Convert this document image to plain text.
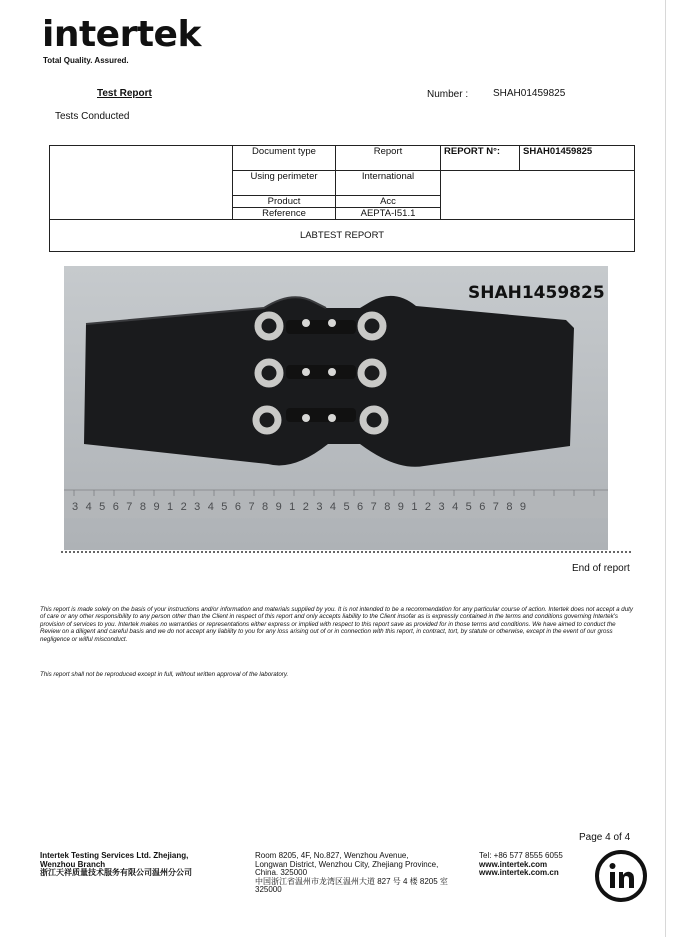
intertek
Total Quality. Assured.
Test Report
Tests Conducted
Number : SHAH01459825
	Document type	Report	REPORT N°:	SHAH01459825
	Using perimeter	International		
	Product	Acc		
	Reference	AEPTA-I51.1		
LABTEST REPORT				
3 4 5 6 7 8 9 1 2 3 4 5 6 7 8 9 1 2 3 4 5 6 7 8 9 1 2 3 4 5 6 7 8 9
SHAH1459825
End of report
This report is made solely on the basis of your instructions and/or information and materials supplied by you. It is not intended to be a recommendation for any particular course of action. Intertek does not accept a duty of care or any other responsibility to any person other than the Client in respect of this report and only accepts liability to the Client insofar as is expressly contained in the terms and conditions governing Intertek's provision of services to you. Intertek makes no warranties or representations either express or implied with respect to this report save as provided for in those terms and conditions. We have aimed to conduct the Review on a diligent and careful basis and we do not accept any liability to you for any loss arising out of or in connection with this report, in contract, tort, by statute or otherwise, except in the event of our gross negligence or wilful misconduct.
This report shall not be reproduced except in full, without written approval of the laboratory.
Page 4 of 4
Intertek Testing Services Ltd. Zhejiang,
Wenzhou Branch
浙江天祥质量技术服务有限公司温州分公司
Room 8205, 4F, No.827, Wenzhou Avenue,
Longwan District, Wenzhou City, Zhejiang Province,
China. 325000
中国浙江省温州市龙湾区温州大道 827 号 4 楼 8205 室
325000
Tel: +86 577 8555 6055
www.intertek.com
www.intertek.com.cn
